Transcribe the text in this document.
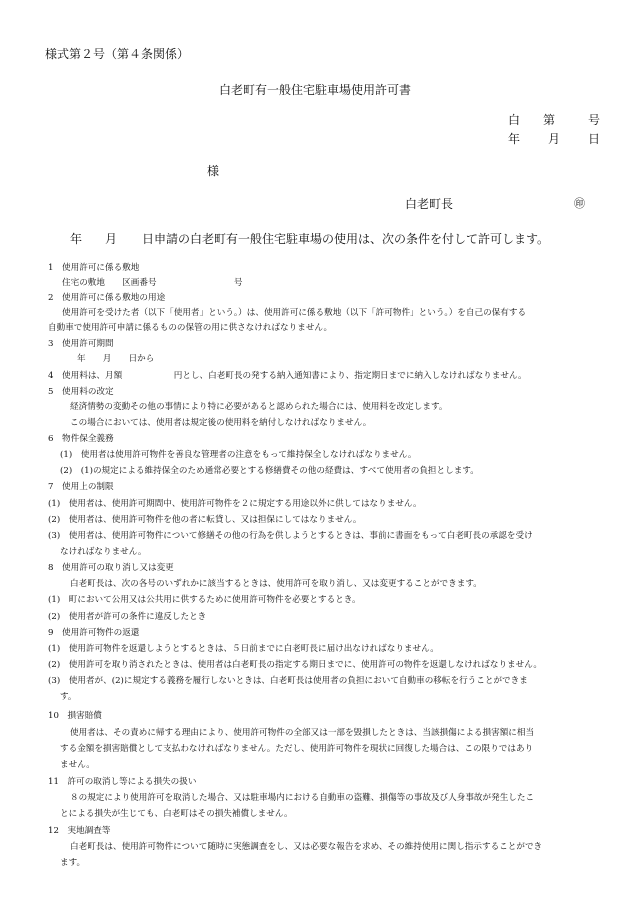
様式第２号（第４条関係）
白老町有一般住宅駐車場使用許可書
白 第	号
年 月 日
様
白老町長	㊞
年 月 日申請の白老町有一般住宅駐車場の使用は、次の条件を付して許可します。
1　使用許可に係る敷地
住宅の敷地　　区画番号　　　　　　　　　号
2　使用許可に係る敷地の用途
使用許可を受けた者（以下「使用者」という。）は、使用許可に係る敷地（以下「許可物件」という。）を自己の保有する
自動車で使用許可申請に係るものの保管の用に供さなければなりません。
3　使用許可期間
年　　月　　日から
4　使用料は、月額　　　　　　円とし、白老町長の発する納入通知書により、指定期日までに納入しなければなりません。
5　使用料の改定
経済情勢の変動その他の事情により特に必要があると認められた場合には、使用料を改定します。
この場合においては、使用者は規定後の使用料を納付しなければなりません。
6　物件保全義務
(1)　使用者は使用許可物件を善良な管理者の注意をもって維持保全しなければなりません。
(2)　(1)の規定による維持保全のため通常必要とする修繕費その他の経費は、すべて使用者の負担とします。
7　使用上の制限
(1)　使用者は、使用許可期間中、使用許可物件を２に規定する用途以外に供してはなりません。
(2)　使用者は、使用許可物件を他の者に転貸し、又は担保にしてはなりません。
(3)　使用者は、使用許可物件について修繕その他の行為を供しようとするときは、事前に書面をもって白老町長の承認を受け
なければなりません。
8　使用許可の取り消し又は変更
白老町長は、次の各号のいずれかに該当するときは、使用許可を取り消し、又は変更することができます。
(1)　町において公用又は公共用に供するために使用許可物件を必要とするとき。
(2)　使用者が許可の条件に違反したとき
9　使用許可物件の返還
(1)　使用許可物件を返還しようとするときは、５日前までに白老町長に届け出なければなりません。
(2)　使用許可を取り消されたときは、使用者は白老町長の指定する期日までに、使用許可の物件を返還しなければなりません。
(3)　使用者が、(2)に規定する義務を履行しないときは、白老町長は使用者の負担において自動車の移転を行うことができま
す。
10　損害賠償
使用者は、その責めに帰する理由により、使用許可物件の全部又は一部を毀損したときは、当該損傷による損害額に相当
する金額を損害賠償として支払わなければなりません。ただし、使用許可物件を現状に回復した場合は、この限りではあり
ません。
11　許可の取消し等による損失の扱い
８の規定により使用許可を取消した場合、又は駐車場内における自動車の盗難、損傷等の事故及び人身事故が発生したこ
とによる損失が生じても、白老町はその損失補償しません。
12　実地調査等
白老町長は、使用許可物件について随時に実態調査をし、又は必要な報告を求め、その維持使用に関し指示することができ
ます。
